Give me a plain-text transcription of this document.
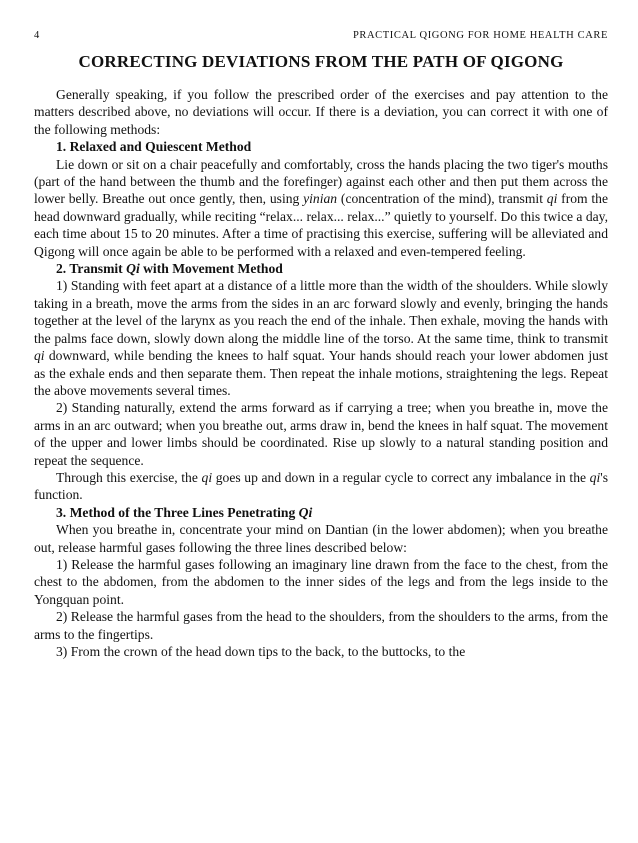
4	PRACTICAL QIGONG FOR HOME HEALTH CARE
CORRECTING DEVIATIONS FROM THE PATH OF QIGONG

Generally speaking, if you follow the prescribed order of the exercises and pay attention to the matters described above, no deviations will occur. If there is a deviation, you can correct it with one of the following methods:

1. Relaxed and Quiescent Method

Lie down or sit on a chair peacefully and comfortably, cross the hands placing the two tiger's mouths (part of the hand between the thumb and the forefinger) against each other and then put them across the lower belly. Breathe out once gently, then, using yinian (concentration of the mind), transmit qi from the head downward gradually, while reciting “relax... relax... relax...” quietly to yourself. Do this twice a day, each time about 15 to 20 minutes. After a time of practising this exercise, suffering will be alleviated and Qigong will once again be able to be performed with a relaxed and even-tempered feeling.

2. Transmit Qi with Movement Method

1) Standing with feet apart at a distance of a little more than the width of the shoulders. While slowly taking in a breath, move the arms from the sides in an arc forward slowly and evenly, bringing the hands together at the level of the larynx as you reach the end of the inhale. Then exhale, moving the hands with the palms face down, slowly down along the middle line of the torso. At the same time, think to transmit qi downward, while bending the knees to half squat. Your hands should reach your lower abdomen just as the exhale ends and then separate them. Then repeat the inhale motions, straightening the legs. Repeat the above movements several times.

2) Standing naturally, extend the arms forward as if carrying a tree; when you breathe in, move the arms in an arc outward; when you breathe out, arms draw in, bend the knees in half squat. The movement of the upper and lower limbs should be coordinated. Rise up slowly to a natural standing position and repeat the sequence.

Through this exercise, the qi goes up and down in a regular cycle to correct any imbalance in the qi's function.

3. Method of the Three Lines Penetrating Qi

When you breathe in, concentrate your mind on Dantian (in the lower abdomen); when you breathe out, release harmful gases following the three lines described below:

1) Release the harmful gases following an imaginary line drawn from the face to the chest, from the chest to the abdomen, from the abdomen to the inner sides of the legs and from the legs inside to the Yongquan point.

2) Release the harmful gases from the head to the shoulders, from the shoulders to the arms, from the arms to the fingertips.

3) From the crown of the head down tips to the back, to the buttocks, to the
